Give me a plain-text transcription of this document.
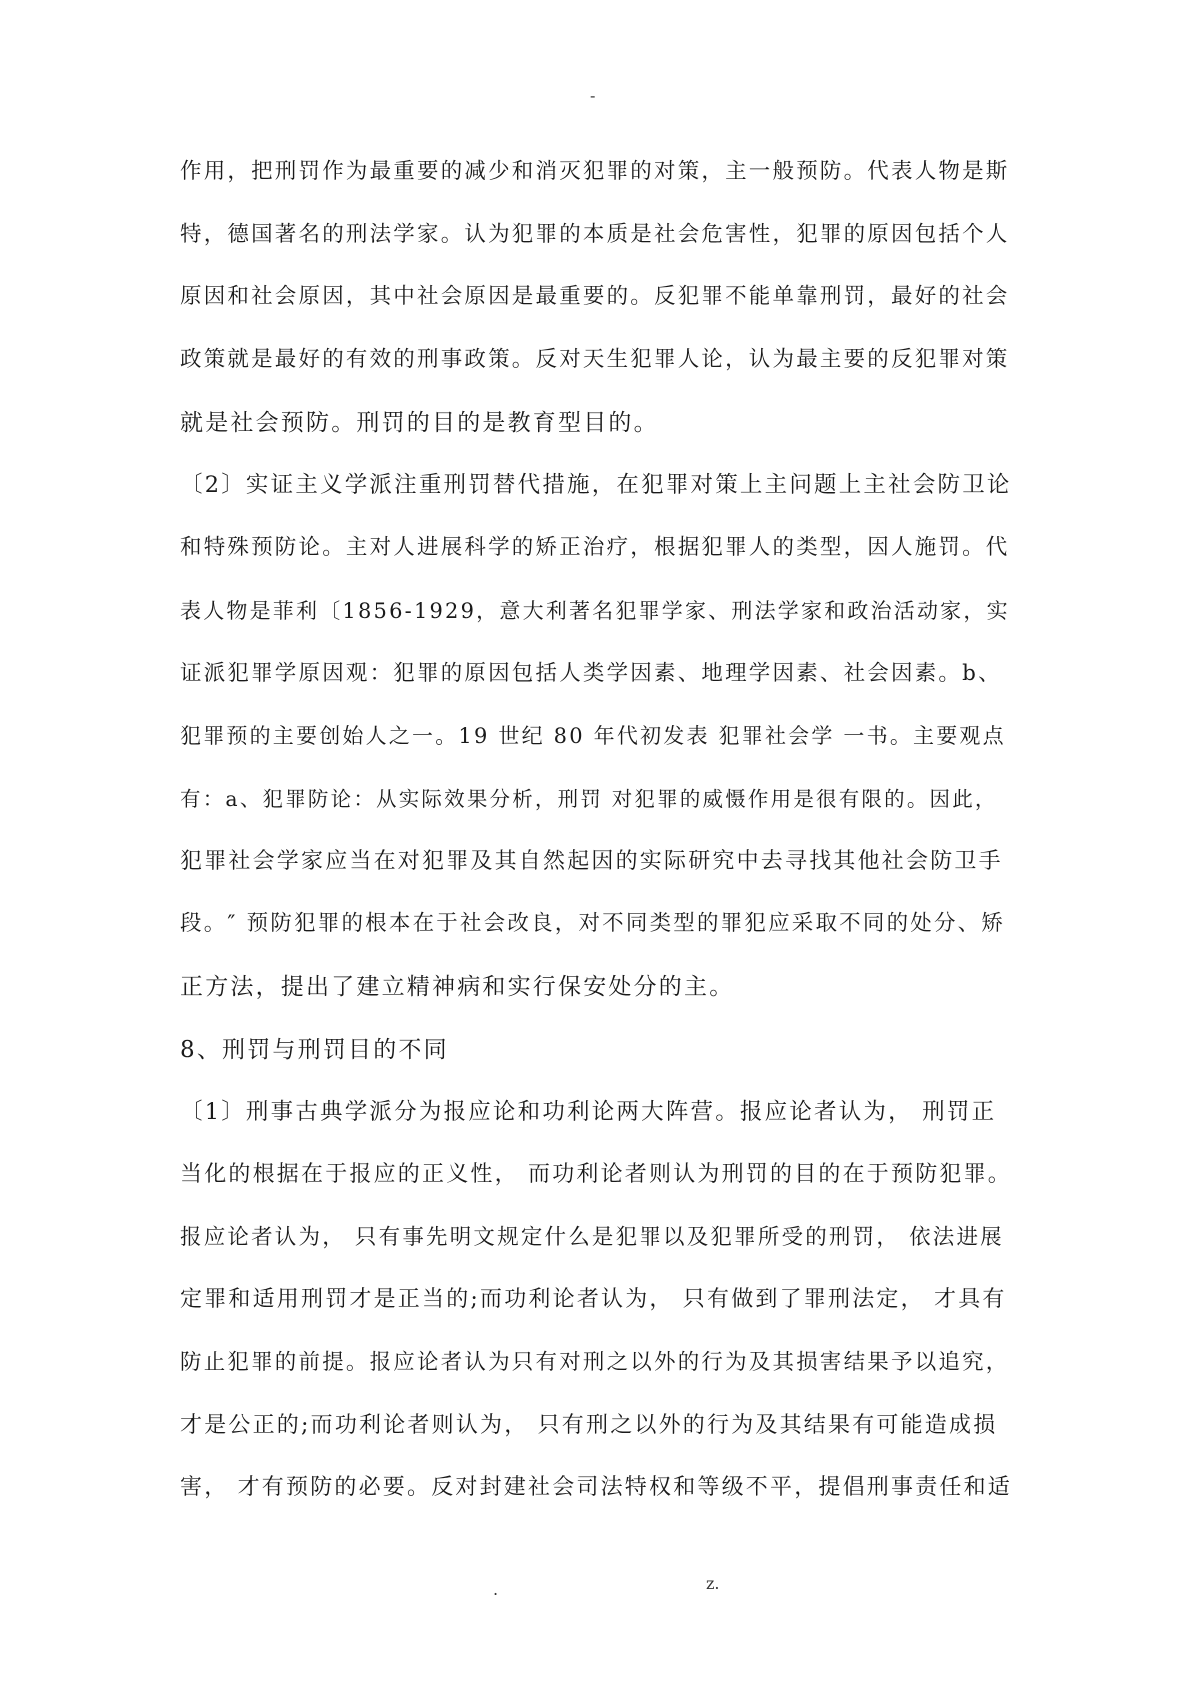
-
作用，把刑罚作为最重要的减少和消灭犯罪的对策，主一般预防。代表人物是斯
特，德国著名的刑法学家。认为犯罪的本质是社会危害性，犯罪的原因包括个人
原因和社会原因，其中社会原因是最重要的。反犯罪不能单靠刑罚，最好的社会
政策就是最好的有效的刑事政策。反对天生犯罪人论，认为最主要的反犯罪对策
就是社会预防。刑罚的目的是教育型目的。
〔2〕实证主义学派注重刑罚替代措施，在犯罪对策上主问题上主社会防卫论
和特殊预防论。主对人进展科学的矫正治疗，根据犯罪人的类型，因人施罚。代
表人物是菲利〔1856-1929，意大利著名犯罪学家、刑法学家和政治活动家，实
证派犯罪学原因观：犯罪的原因包括人类学因素、地理学因素、社会因素。b、
犯罪预的主要创始人之一。19 世纪 80 年代初发表 犯罪社会学 一书。主要观点
有：a、犯罪防论：从实际效果分析，刑罚 对犯罪的威慑作用是很有限的。因此，
犯罪社会学家应当在对犯罪及其自然起因的实际研究中去寻找其他社会防卫手
段。″ 预防犯罪的根本在于社会改良，对不同类型的罪犯应采取不同的处分、矫
正方法，提出了建立精神病和实行保安处分的主。
8、刑罚与刑罚目的不同
〔1〕刑事古典学派分为报应论和功利论两大阵营。报应论者认为， 刑罚正
当化的根据在于报应的正义性， 而功利论者则认为刑罚的目的在于预防犯罪。
报应论者认为， 只有事先明文规定什么是犯罪以及犯罪所受的刑罚， 依法进展
定罪和适用刑罚才是正当的;而功利论者认为， 只有做到了罪刑法定， 才具有
防止犯罪的前提。报应论者认为只有对刑之以外的行为及其损害结果予以追究，
才是公正的;而功利论者则认为， 只有刑之以外的行为及其结果有可能造成损
害， 才有预防的必要。反对封建社会司法特权和等级不平，提倡刑事责任和适
.	z.
